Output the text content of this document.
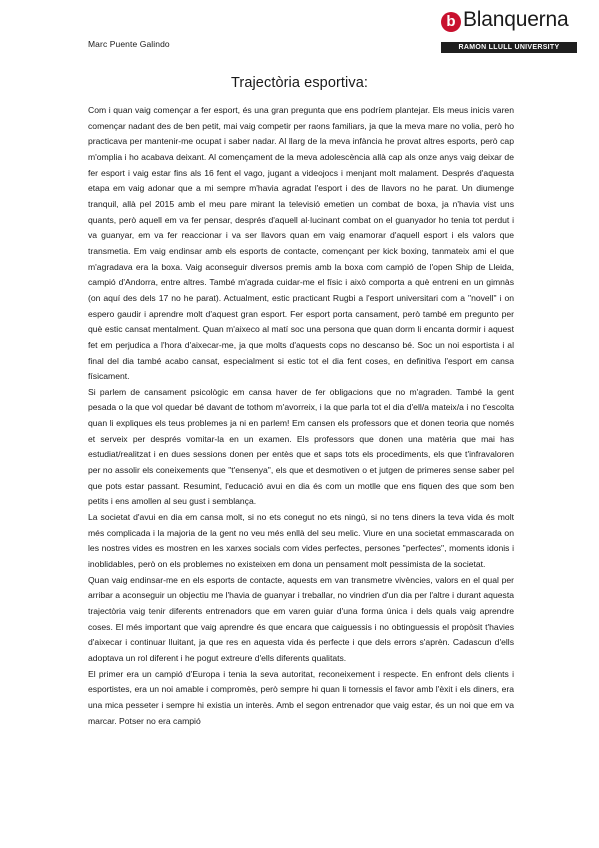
Marc Puente Galindo
b Blanquerna
RAMON LLULL UNIVERSITY
Trajectòria esportiva:

Com i quan vaig començar a fer esport, és una gran pregunta que ens podríem plantejar. Els meus inicis varen començar nadant des de ben petit, mai vaig competir per raons familiars, ja que la meva mare no volia, però ho practicava per mantenir-me ocupat i saber nadar. Al llarg de la meva infància he provat altres esports, però cap m'omplia i ho acabava deixant. Al començament de la meva adolescència allà cap als onze anys vaig deixar de fer esport i vaig estar fins als 16 fent el vago, jugant a videojocs i menjant molt malament. Després d'aquesta etapa em vaig adonar que a mi sempre m'havia agradat l'esport i des de llavors no he parat. Un diumenge tranquil, allà pel 2015 amb el meu pare mirant la televisió emetien un combat de boxa, ja n'havia vist uns quants, però aquell em va fer pensar, després d'aquell al·lucinant combat on el guanyador ho tenia tot perdut i va guanyar, em va fer reaccionar i va ser llavors quan em vaig enamorar d'aquell esport i els valors que transmetia. Em vaig endinsar amb els esports de contacte, començant per kick boxing, tanmateix ami el que m'agradava era la boxa. Vaig aconseguir diversos premis amb la boxa com campió de l'open Ship de Lleida, campió d'Andorra, entre altres. També m'agrada cuidar-me el físic i això comporta a què entreni en un gimnàs (on aquí des dels 17 no he parat). Actualment, estic practicant Rugbi a l'esport universitari com a "novell" i on espero gaudir i aprendre molt d'aquest gran esport. Fer esport porta cansament, però també em pregunto per què estic cansat mentalment. Quan m'aixeco al matí soc una persona que quan dorm li encanta dormir i aquest fet em perjudica a l'hora d'aixecar-me, ja que molts d'aquests cops no descanso bé. Soc un noi esportista i al final del dia també acabo cansat, especialment si estic tot el dia fent coses, en definitiva l'esport em cansa físicament.

Si parlem de cansament psicològic em cansa haver de fer obligacions que no m'agraden. També la gent pesada o la que vol quedar bé davant de tothom m'avorreix, i la que parla tot el dia d'ell/a mateix/a i no t'escolta quan li expliques els teus problemes ja ni en parlem! Em cansen els professors que et donen teoria que només et serveix per després vomitar-la en un examen. Els professors que donen una matèria que mai has estudiat/realitzat i en dues sessions donen per entès que et saps tots els procediments, els que t'infravaloren per no assolir els coneixements que "t'ensenya", els que et desmotiven o et jutgen de primeres sense saber pel que pots estar passant. Resumint, l'educació avui en dia és com un motlle que ens fiquen des que som ben petits i ens amollen al seu gust i semblança.

La societat d'avui en dia em cansa molt, si no ets conegut no ets ningú, si no tens diners la teva vida és molt més complicada i la majoria de la gent no veu més enllà del seu melic. Viure en una societat emmascarada on les nostres vides es mostren en les xarxes socials com vides perfectes, persones "perfectes", moments idonis i inoblidables, però on els problemes no existeixen em dona un pensament molt pessimista de la societat.

Quan vaig endinsar-me en els esports de contacte, aquests em van transmetre vivències, valors en el qual per arribar a aconseguir un objectiu me l'havia de guanyar i treballar, no vindrien d'un dia per l'altre i durant aquesta trajectòria vaig tenir diferents entrenadors que em varen guiar d'una forma única i dels quals vaig aprendre coses. El més important que vaig aprendre és que encara que caiguessis i no obtinguessis el propòsit t'havies d'aixecar i continuar lluitant, ja que res en aquesta vida és perfecte i que dels errors s'aprèn. Cadascun d'ells adoptava un rol diferent i he pogut extreure d'ells diferents qualitats.

El primer era un campió d'Europa i tenia la seva autoritat, reconeixement i respecte. En enfront dels clients i esportistes, era un noi amable i compromès, però sempre hi quan li tornessis el favor amb l'èxit i els diners, era una mica pesseter i sempre hi existia un interès. Amb el segon entrenador que vaig estar, és un noi que em va marcar. Potser no era campió
